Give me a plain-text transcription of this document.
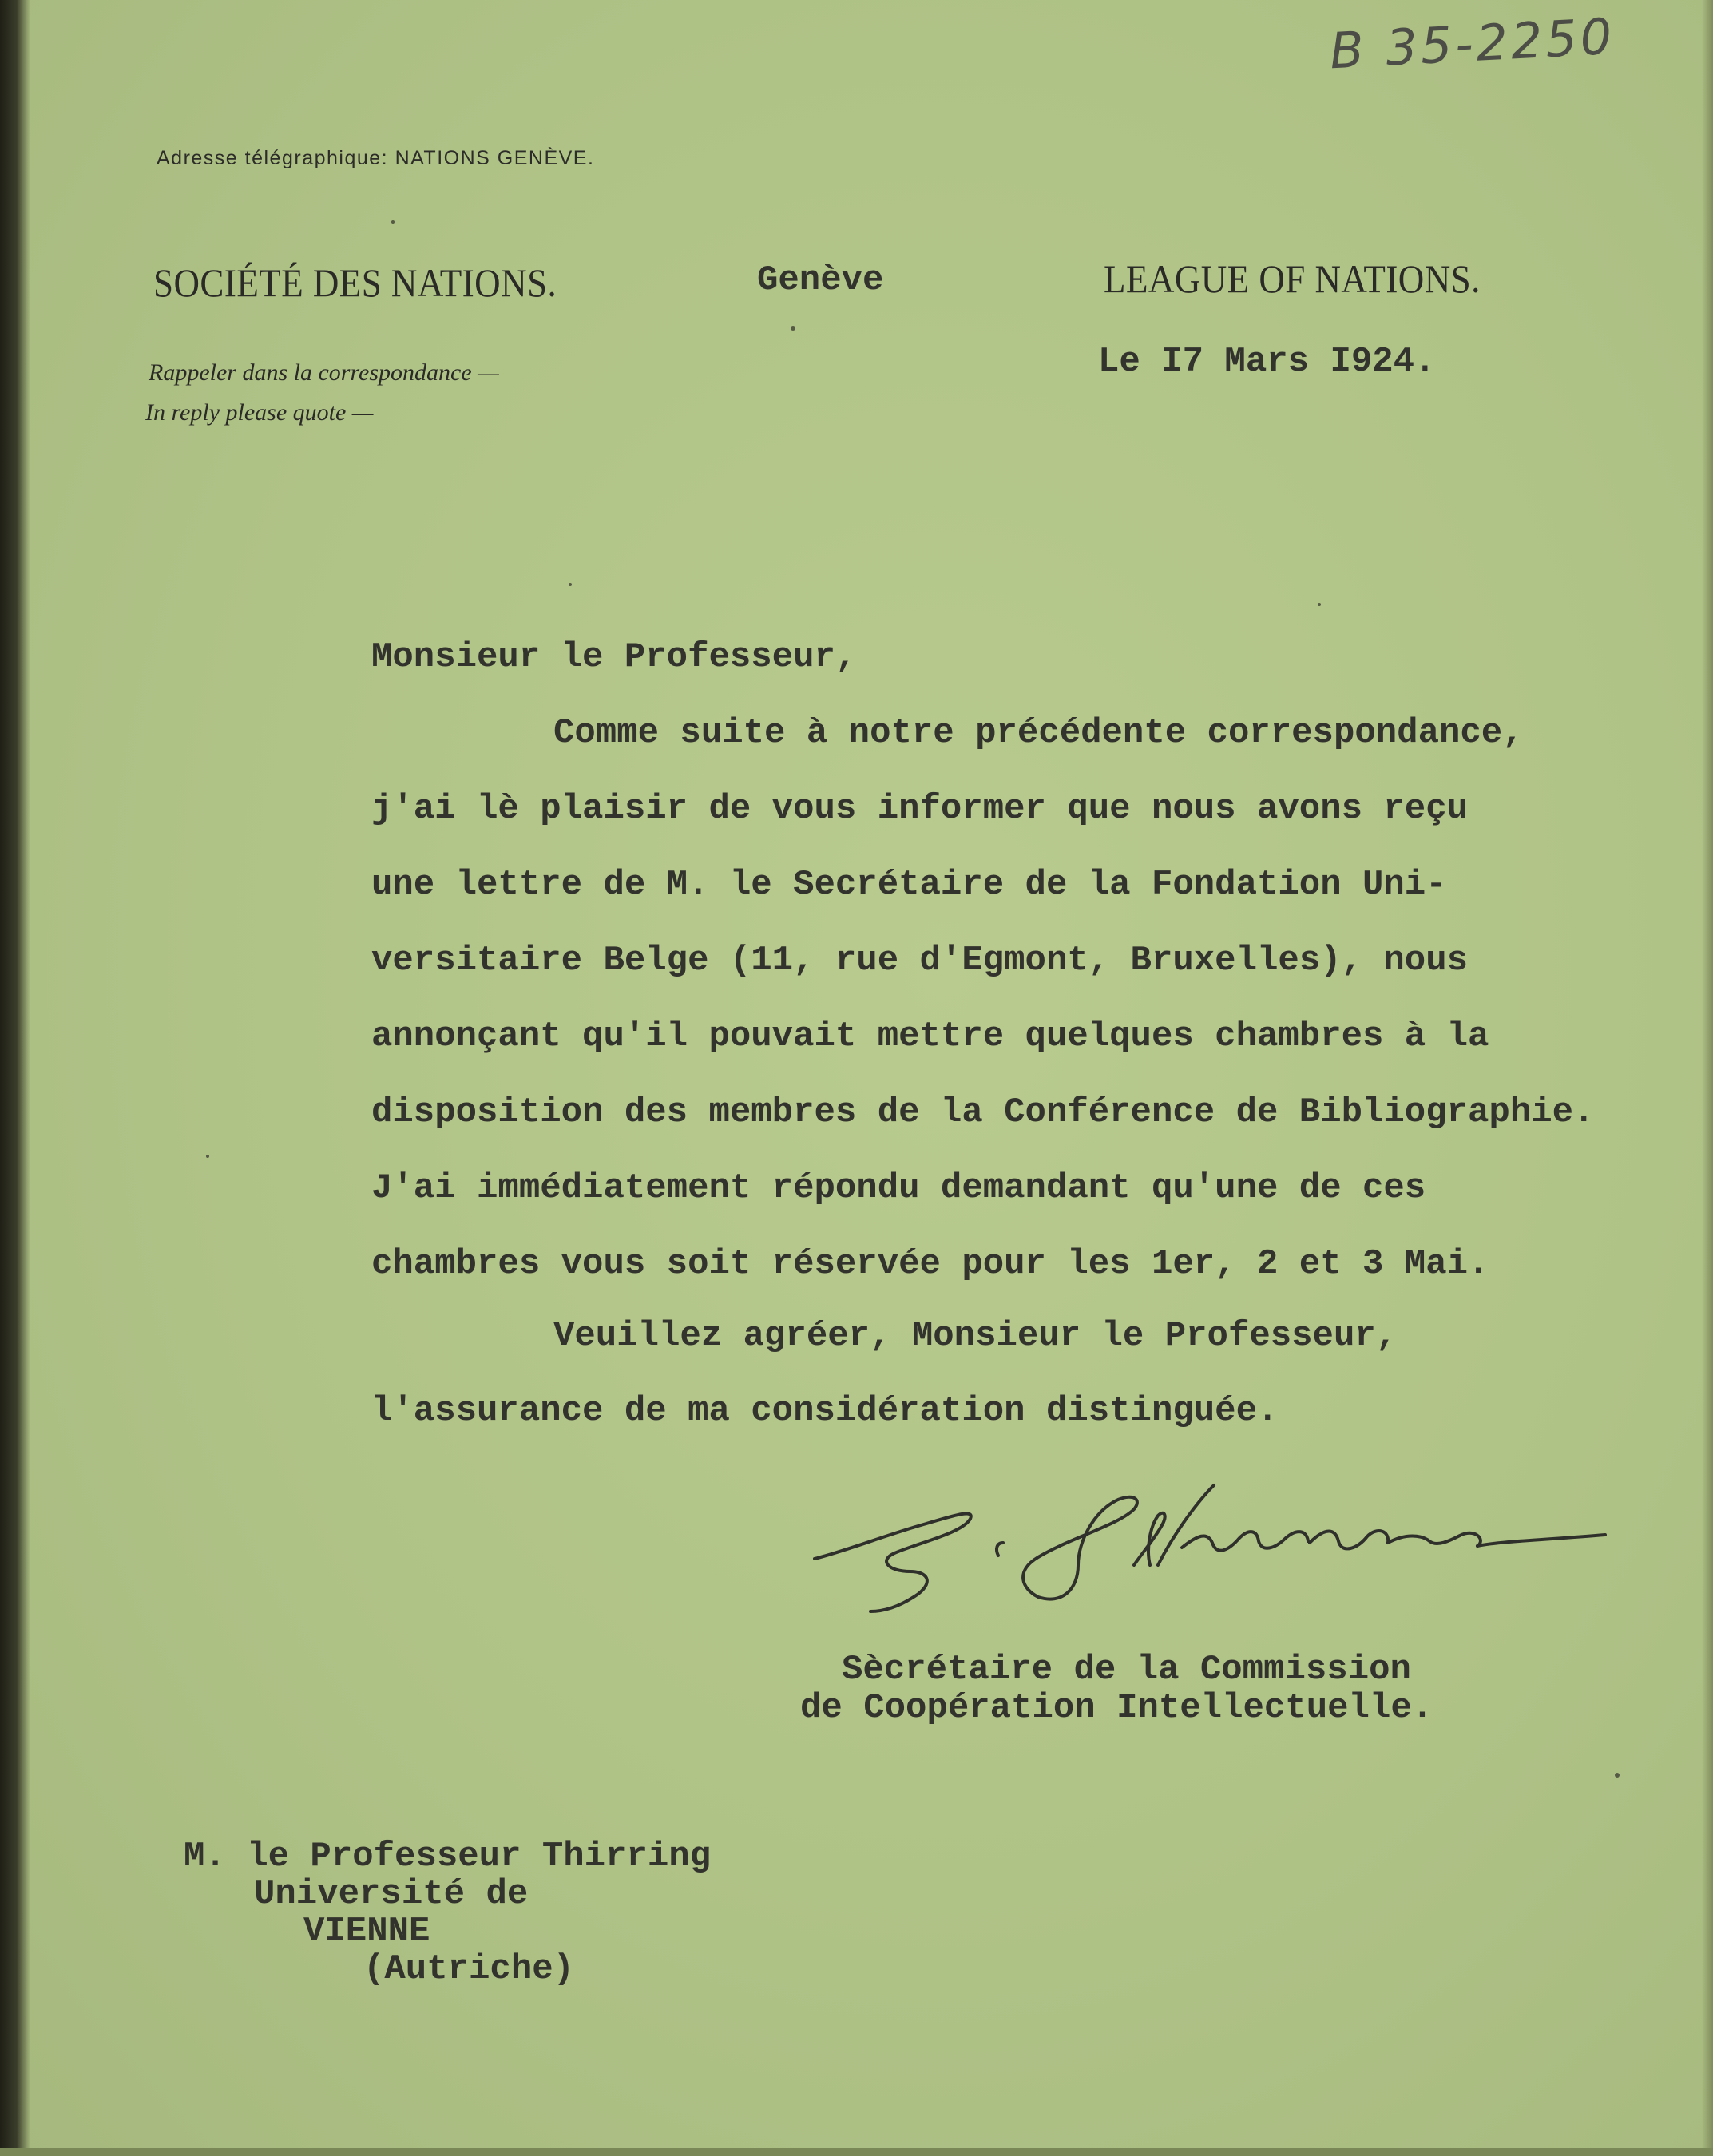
B 35-2250
Adresse télégraphique: NATIONS GENÈVE.
SOCIÉTÉ DES NATIONS.	Genève	LEAGUE OF NATIONS.
Le I7 Mars I924.
Rappeler dans la correspondance —
In reply please quote —
Monsieur le Professeur,
Comme suite à notre précédente correspondance,
j'ai lè plaisir de vous informer que nous avons reçu
une lettre de M. le Secrétaire de la Fondation Uni-
versitaire Belge (11, rue d'Egmont, Bruxelles), nous
annonçant qu'il pouvait mettre quelques chambres à la
disposition des membres de la Conférence de Bibliographie.
J'ai immédiatement répondu demandant qu'une de ces
chambres vous soit réservée pour les 1er, 2 et 3 Mai.
Veuillez agréer, Monsieur le Professeur,
l'assurance de ma considération distinguée.
Sècrétaire de la Commission
de Coopération Intellectuelle.
M. le Professeur Thirring
Université de
VIENNE
(Autriche)
